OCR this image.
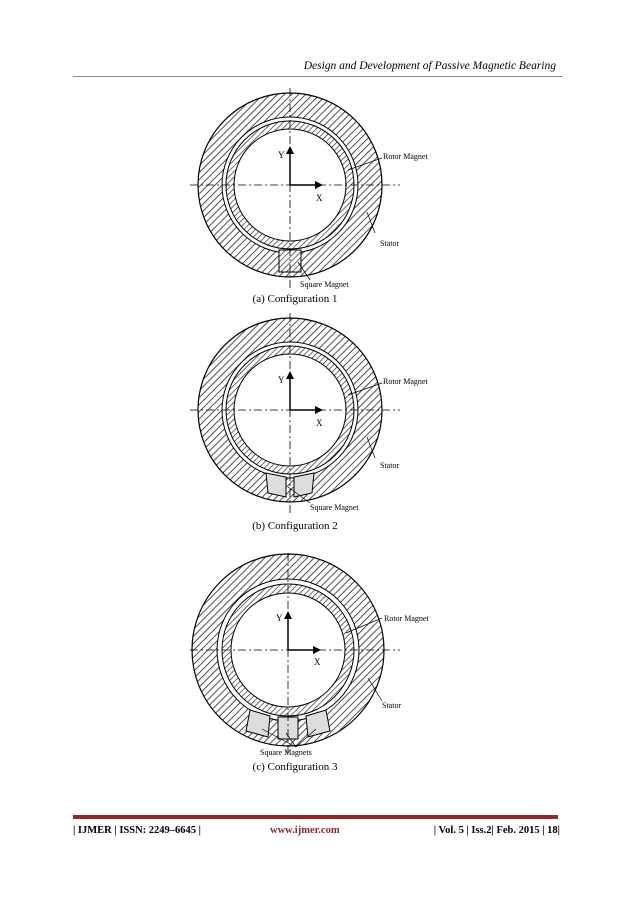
Design and Development of Passive Magnetic Bearing
Y
X
Rotor Magnet
Stator
Square Magnet
(a) Configuration 1
Y
X
Rotor Magnet
Stator
Square Magnet
(b) Configuration 2
Y
X
Rotor Magnet
Stator
Square Magnets
(c) Configuration 3
| IJMER | ISSN: 2249–6645 |	www.ijmer.com	| Vol. 5 | Iss.2| Feb. 2015 | 18|
